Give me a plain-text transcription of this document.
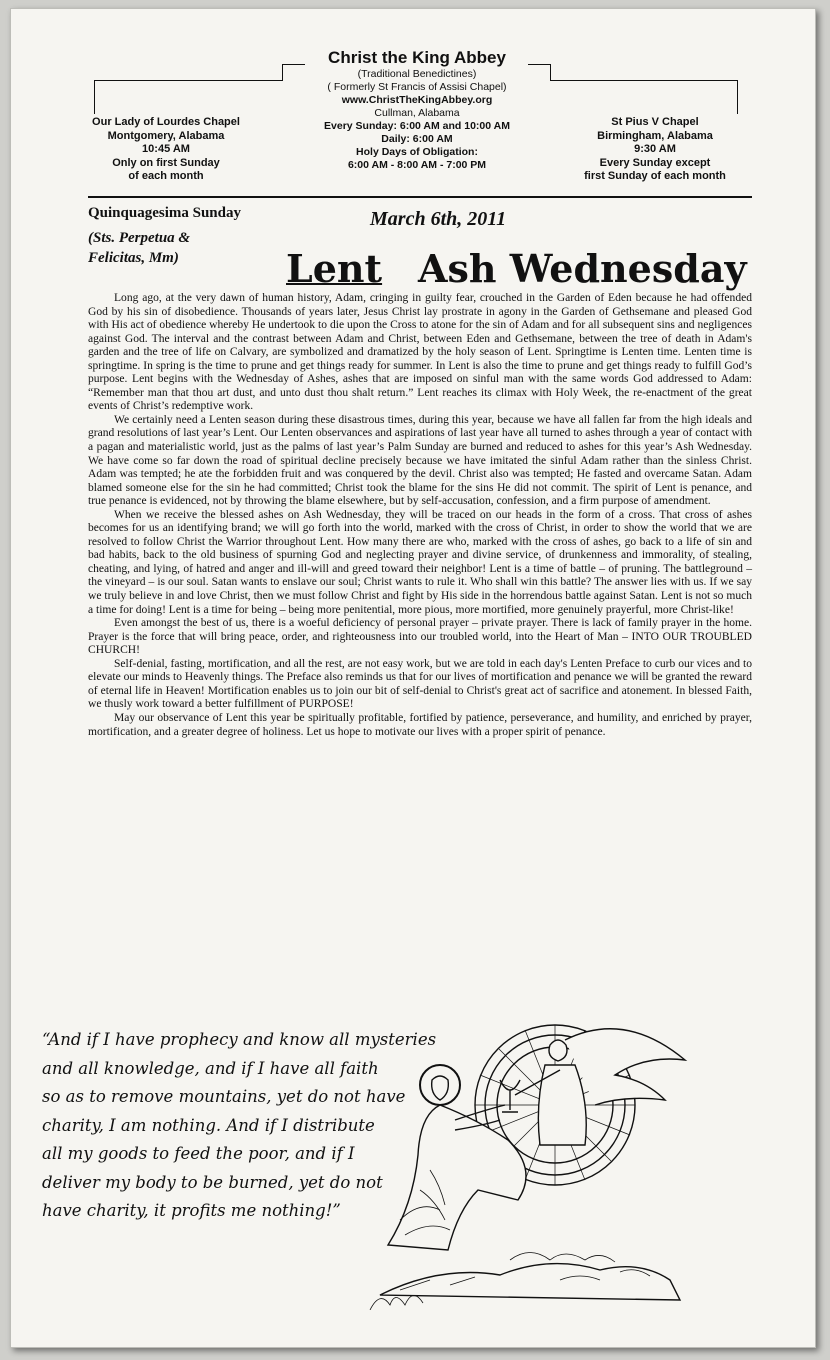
Christ the King Abbey
(Traditional Benedictines)
( Formerly St Francis of Assisi Chapel)
www.ChristTheKingAbbey.org
Cullman, Alabama
Every Sunday: 6:00 AM and 10:00 AM
Daily: 6:00 AM
Holy Days of Obligation:
6:00 AM - 8:00 AM - 7:00 PM
Our Lady of Lourdes Chapel
Montgomery, Alabama
10:45 AM
Only on first Sunday
of each month
St Pius V Chapel
Birmingham, Alabama
9:30 AM
Every Sunday except
first Sunday of each month
Quinquagesima Sunday
(Sts. Perpetua &
Felicitas, Mm)
March 6th, 2011
Lent Ash Wednesday

Long ago, at the very dawn of human history, Adam, cringing in guilty fear, crouched in the Garden of Eden because he had offended God by his sin of disobedience. Thousands of years later, Jesus Christ lay prostrate in agony in the Garden of Gethsemane and pleased God with His act of obedience whereby He undertook to die upon the Cross to atone for the sin of Adam and for all subsequent sins and negligences against God. The interval and the contrast between Adam and Christ, between Eden and Gethsemane, between the tree of death in Adam's garden and the tree of life on Calvary, are symbolized and dramatized by the holy season of Lent. Springtime is Lenten time. Lenten time is springtime. In spring is the time to prune and get things ready for summer. In Lent is also the time to prune and get things ready to fulfill God’s purpose. Lent begins with the Wednesday of Ashes, ashes that are imposed on sinful man with the same words God addressed to Adam: “Remember man that thou art dust, and unto dust thou shalt return.” Lent reaches its climax with Holy Week, the re-enactment of the great events of Christ’s redemptive work.

We certainly need a Lenten season during these disastrous times, during this year, because we have all fallen far from the high ideals and grand resolutions of last year’s Lent. Our Lenten observances and aspirations of last year have all turned to ashes through a year of contact with a pagan and materialistic world, just as the palms of last year’s Palm Sunday are burned and reduced to ashes for this year’s Ash Wednesday. We have come so far down the road of spiritual decline precisely because we have imitated the sinful Adam rather than the sinless Christ. Adam was tempted; he ate the forbidden fruit and was conquered by the devil. Christ also was tempted; He fasted and overcame Satan. Adam blamed someone else for the sin he had committed; Christ took the blame for the sins He did not commit. The spirit of Lent is penance, and true penance is evidenced, not by throwing the blame elsewhere, but by self-accusation, confession, and a firm purpose of amendment.

When we receive the blessed ashes on Ash Wednesday, they will be traced on our heads in the form of a cross. That cross of ashes becomes for us an identifying brand; we will go forth into the world, marked with the cross of Christ, in order to show the world that we are resolved to follow Christ the Warrior throughout Lent. How many there are who, marked with the cross of ashes, go back to a life of sin and bad habits, back to the old business of spurning God and neglecting prayer and divine service, of drunkenness and immorality, of stealing, cheating, and lying, of hatred and anger and ill-will and greed toward their neighbor! Lent is a time of battle – of pruning. The battleground – the vineyard – is our soul. Satan wants to enslave our soul; Christ wants to rule it. Who shall win this battle? The answer lies with us. If we say we truly believe in and love Christ, then we must follow Christ and fight by His side in the horrendous battle against Satan. Lent is not so much a time for doing! Lent is a time for being – being more penitential, more pious, more mortified, more genuinely prayerful, more Christ-like!

Even amongst the best of us, there is a woeful deficiency of personal prayer – private prayer. There is lack of family prayer in the home. Prayer is the force that will bring peace, order, and righteousness into our troubled world, into the Heart of Man – INTO OUR TROUBLED CHURCH!

Self-denial, fasting, mortification, and all the rest, are not easy work, but we are told in each day's Lenten Preface to curb our vices and to elevate our minds to Heavenly things. The Preface also reminds us that for our lives of mortification and penance we will be granted the reward of eternal life in Heaven! Mortification enables us to join our bit of self-denial to Christ's great act of sacrifice and atonement. In blessed Faith, we thusly work toward a better fulfillment of PURPOSE!

May our observance of Lent this year be spiritually profitable, fortified by patience, perseverance, and humility, and enriched by prayer, mortification, and a greater degree of holiness. Let us hope to motivate our lives with a proper spirit of penance.

“And if I have prophecy and know all mysteries
and all knowledge, and if I have all faith
so as to remove mountains, yet do not have
charity, I am nothing. And if I distribute
all my goods to feed the poor, and if I
deliver my body to be burned, yet do not
have charity, it profits me nothing!”
